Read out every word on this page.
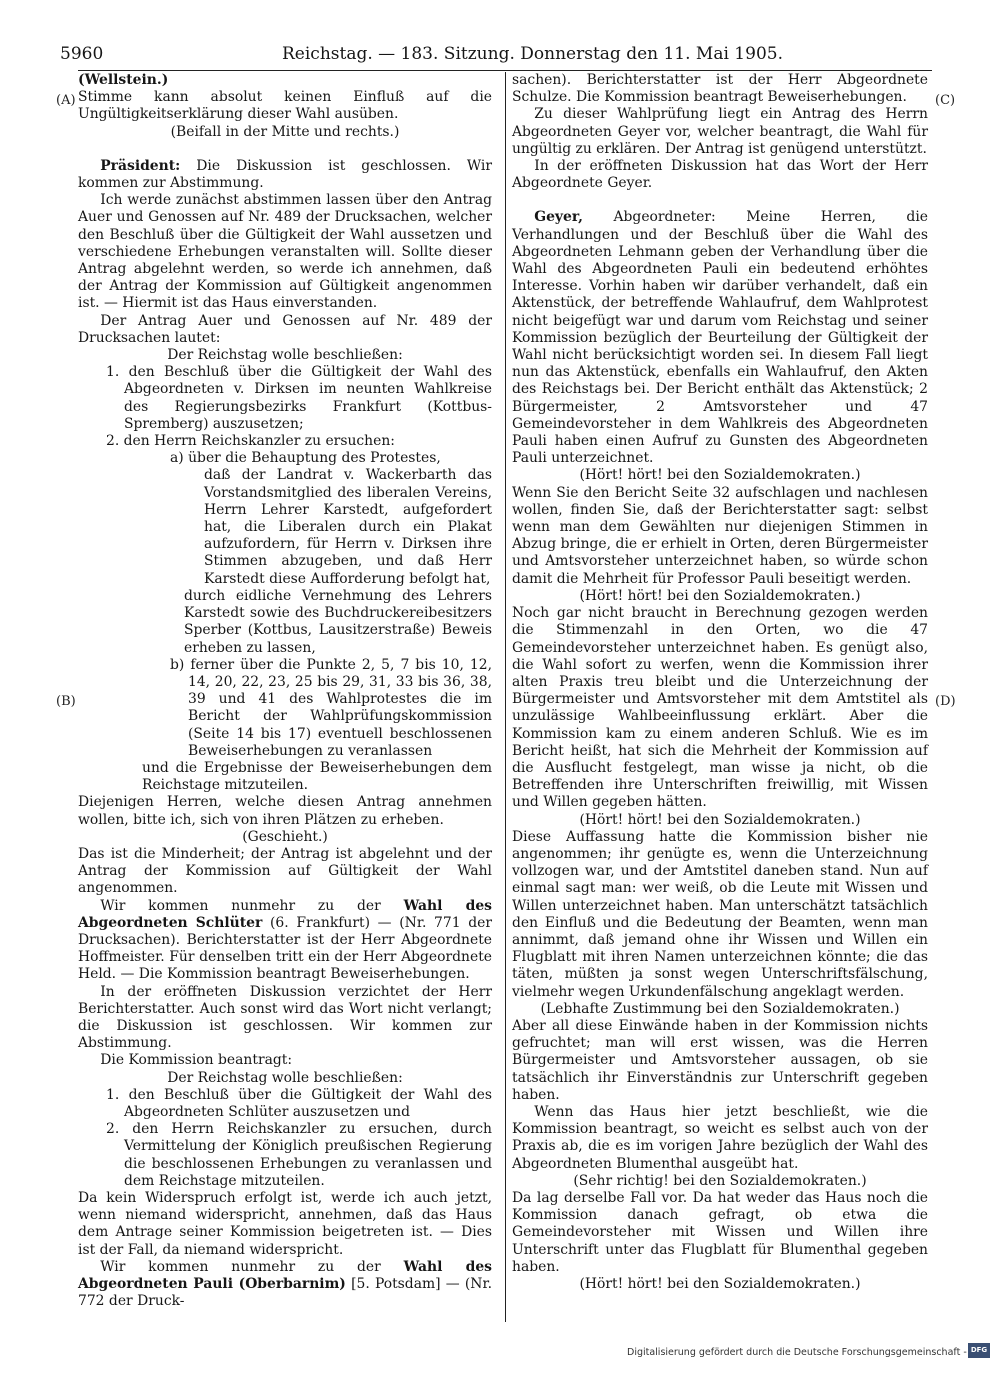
5960	Reichstag. — 183. Sitzung. Donnerstag den 11. Mai 1905.
(A)
(B)
(C)
(D)

(Wellstein.)

Stimme kann absolut keinen Einfluß auf die Ungültigkeitserklärung dieser Wahl ausüben.

(Beifall in der Mitte und rechts.)

Präsident: Die Diskussion ist geschlossen. Wir kommen zur Abstimmung.

Ich werde zunächst abstimmen lassen über den Antrag Auer und Genossen auf Nr. 489 der Drucksachen, welcher den Beschluß über die Gültigkeit der Wahl aussetzen und verschiedene Erhebungen veranstalten will. Sollte dieser Antrag abgelehnt werden, so werde ich annehmen, daß der Antrag der Kommission auf Gültigkeit angenommen ist. — Hiermit ist das Haus einverstanden.

Der Antrag Auer und Genossen auf Nr. 489 der Drucksachen lautet:

Der Reichstag wolle beschließen:

1. den Beschluß über die Gültigkeit der Wahl des Abgeordneten v. Dirksen im neunten Wahlkreise des Regierungsbezirks Frankfurt (Kottbus-Spremberg) auszusetzen;

2. den Herrn Reichskanzler zu ersuchen:

a) über die Behauptung des Protestes,

daß der Landrat v. Wackerbarth das Vorstandsmitglied des liberalen Vereins, Herrn Lehrer Karstedt, aufgefordert hat, die Liberalen durch ein Plakat aufzufordern, für Herrn v. Dirksen ihre Stimmen abzugeben, und daß Herr Karstedt diese Aufforderung befolgt hat,

durch eidliche Vernehmung des Lehrers Karstedt sowie des Buchdruckereibesitzers Sperber (Kottbus, Lausitzerstraße) Beweis erheben zu lassen,

b) ferner über die Punkte 2, 5, 7 bis 10, 12, 14, 20, 22, 23, 25 bis 29, 31, 33 bis 36, 38, 39 und 41 des Wahlprotestes die im Bericht der Wahlprüfungskommission (Seite 14 bis 17) eventuell beschlossenen Beweiserhebungen zu veranlassen

und die Ergebnisse der Beweiserhebungen dem Reichstage mitzuteilen.

Diejenigen Herren, welche diesen Antrag annehmen wollen, bitte ich, sich von ihren Plätzen zu erheben.

(Geschieht.)

Das ist die Minderheit; der Antrag ist abgelehnt und der Antrag der Kommission auf Gültigkeit der Wahl angenommen.

Wir kommen nunmehr zu der Wahl des Abgeordneten Schlüter (6. Frankfurt) — (Nr. 771 der Drucksachen). Berichterstatter ist der Herr Abgeordnete Hoffmeister. Für denselben tritt ein der Herr Abgeordnete Held. — Die Kommission beantragt Beweiserhebungen.

In der eröffneten Diskussion verzichtet der Herr Berichterstatter. Auch sonst wird das Wort nicht verlangt; die Diskussion ist geschlossen. Wir kommen zur Abstimmung.

Die Kommission beantragt:

Der Reichstag wolle beschließen:

1. den Beschluß über die Gültigkeit der Wahl des Abgeordneten Schlüter auszusetzen und

2. den Herrn Reichskanzler zu ersuchen, durch Vermittelung der Königlich preußischen Regierung die beschlossenen Erhebungen zu veranlassen und dem Reichstage mitzuteilen.

Da kein Widerspruch erfolgt ist, werde ich auch jetzt, wenn niemand widerspricht, annehmen, daß das Haus dem Antrage seiner Kommission beigetreten ist. — Dies ist der Fall, da niemand widerspricht.

Wir kommen nunmehr zu der Wahl des Abgeordneten Pauli (Oberbarnim) [5. Potsdam] — (Nr. 772 der Druck-

sachen). Berichterstatter ist der Herr Abgeordnete Schulze. Die Kommission beantragt Beweiserhebungen.

Zu dieser Wahlprüfung liegt ein Antrag des Herrn Abgeordneten Geyer vor, welcher beantragt, die Wahl für ungültig zu erklären. Der Antrag ist genügend unterstützt.

In der eröffneten Diskussion hat das Wort der Herr Abgeordnete Geyer.

Geyer, Abgeordneter: Meine Herren, die Verhandlungen und der Beschluß über die Wahl des Abgeordneten Lehmann geben der Verhandlung über die Wahl des Abgeordneten Pauli ein bedeutend erhöhtes Interesse. Vorhin haben wir darüber verhandelt, daß ein Aktenstück, der betreffende Wahlaufruf, dem Wahlprotest nicht beigefügt war und darum vom Reichstag und seiner Kommission bezüglich der Beurteilung der Gültigkeit der Wahl nicht berücksichtigt worden sei. In diesem Fall liegt nun das Aktenstück, ebenfalls ein Wahlaufruf, den Akten des Reichstags bei. Der Bericht enthält das Aktenstück; 2 Bürgermeister, 2 Amtsvorsteher und 47 Gemeindevorsteher in dem Wahlkreis des Abgeordneten Pauli haben einen Aufruf zu Gunsten des Abgeordneten Pauli unterzeichnet.

(Hört! hört! bei den Sozialdemokraten.)

Wenn Sie den Bericht Seite 32 aufschlagen und nachlesen wollen, finden Sie, daß der Berichterstatter sagt: selbst wenn man dem Gewählten nur diejenigen Stimmen in Abzug bringe, die er erhielt in Orten, deren Bürgermeister und Amtsvorsteher unterzeichnet haben, so würde schon damit die Mehrheit für Professor Pauli beseitigt werden.

(Hört! hört! bei den Sozialdemokraten.)

Noch gar nicht braucht in Berechnung gezogen werden die Stimmenzahl in den Orten, wo die 47 Gemeindevorsteher unterzeichnet haben. Es genügt also, die Wahl sofort zu werfen, wenn die Kommission ihrer alten Praxis treu bleibt und die Unterzeichnung der Bürgermeister und Amtsvorsteher mit dem Amtstitel als unzulässige Wahlbeeinflussung erklärt. Aber die Kommission kam zu einem anderen Schluß. Wie es im Bericht heißt, hat sich die Mehrheit der Kommission auf die Ausflucht festgelegt, man wisse ja nicht, ob die Betreffenden ihre Unterschriften freiwillig, mit Wissen und Willen gegeben hätten.

(Hört! hört! bei den Sozialdemokraten.)

Diese Auffassung hatte die Kommission bisher nie angenommen; ihr genügte es, wenn die Unterzeichnung vollzogen war, und der Amtstitel daneben stand. Nun auf einmal sagt man: wer weiß, ob die Leute mit Wissen und Willen unterzeichnet haben. Man unterschätzt tatsächlich den Einfluß und die Bedeutung der Beamten, wenn man annimmt, daß jemand ohne ihr Wissen und Willen ein Flugblatt mit ihren Namen unterzeichnen könnte; die das täten, müßten ja sonst wegen Unterschriftsfälschung, vielmehr wegen Urkundenfälschung angeklagt werden.

(Lebhafte Zustimmung bei den Sozialdemokraten.)

Aber all diese Einwände haben in der Kommission nichts gefruchtet; man will erst wissen, was die Herren Bürgermeister und Amtsvorsteher aussagen, ob sie tatsächlich ihr Einverständnis zur Unterschrift gegeben haben.

Wenn das Haus hier jetzt beschließt, wie die Kommission beantragt, so weicht es selbst auch von der Praxis ab, die es im vorigen Jahre bezüglich der Wahl des Abgeordneten Blumenthal ausgeübt hat.

(Sehr richtig! bei den Sozialdemokraten.)

Da lag derselbe Fall vor. Da hat weder das Haus noch die Kommission danach gefragt, ob etwa die Gemeindevorsteher mit Wissen und Willen ihre Unterschrift unter das Flugblatt für Blumenthal gegeben haben.

(Hört! hört! bei den Sozialdemokraten.)

Digitalisierung gefördert durch die Deutsche Forschungsgemeinschaft - DFG
